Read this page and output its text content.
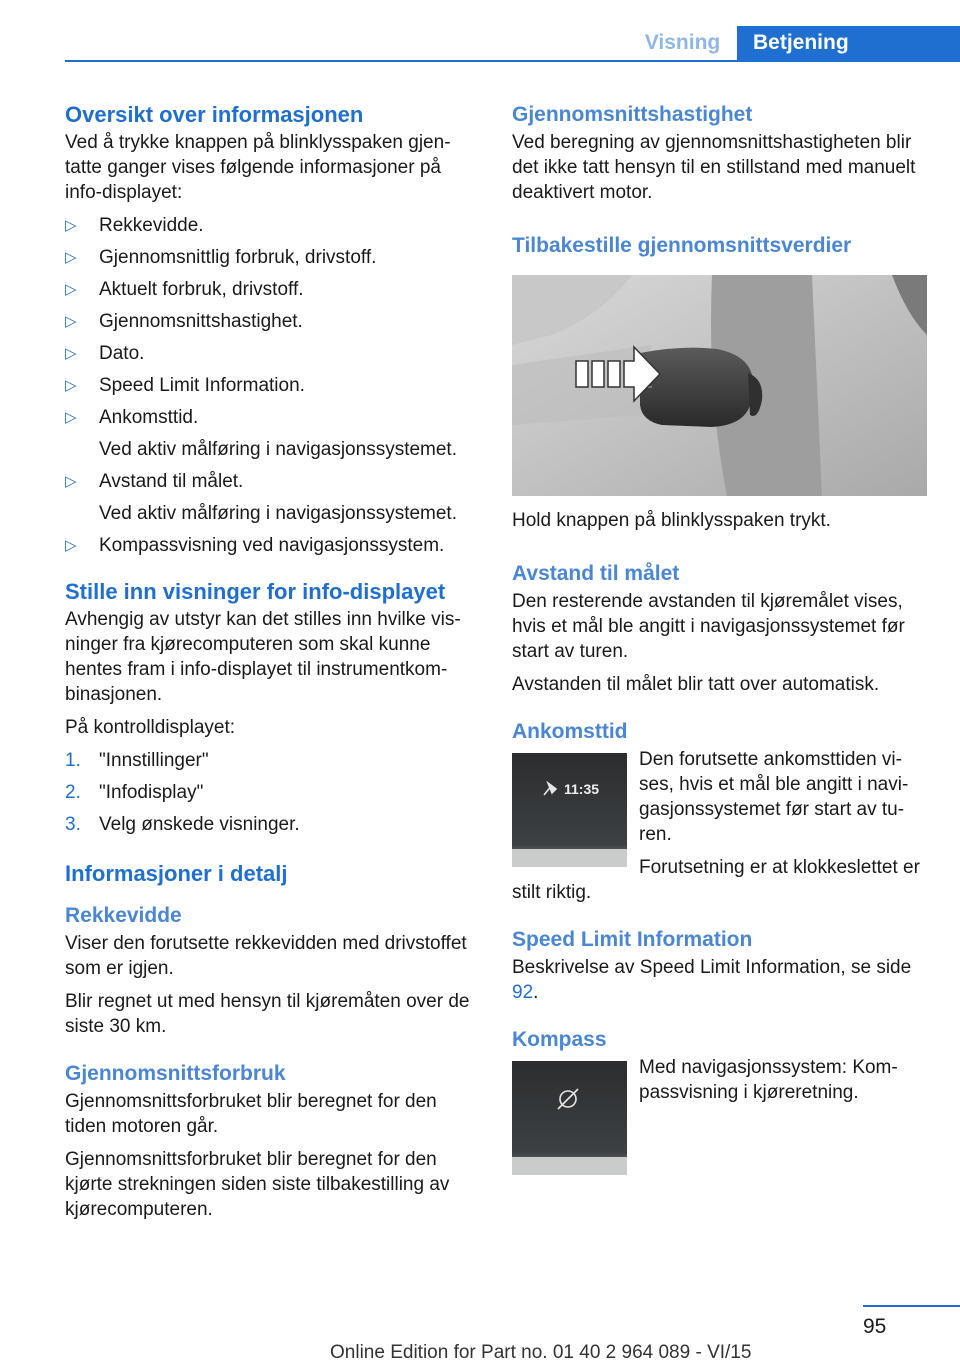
Visning	Betjening
Oversikt over informasjonen

Ved å trykke knappen på blinklysspaken gjentatte ganger vises følgende informasjoner på info-displayet:

▷ Rekkevidde.
▷ Gjennomsnittlig forbruk, drivstoff.
▷ Aktuelt forbruk, drivstoff.
▷ Gjennomsnittshastighet.
▷ Dato.
▷ Speed Limit Information.
▷ Ankomsttid.
Ved aktiv målføring i navigasjonssystemet.
▷ Avstand til målet.
Ved aktiv målføring i navigasjonssystemet.
▷ Kompassvisning ved navigasjonssystem.
Stille inn visninger for info-displayet

Avhengig av utstyr kan det stilles inn hvilke visninger fra kjørecomputeren som skal kunne hentes fram i info-displayet til instrumentkombinasjonen.

På kontrolldisplayet:

1. "Innstillinger"
2. "Infodisplay"
3. Velg ønskede visninger.
Informasjoner i detalj
Rekkevidde

Viser den forutsette rekkevidden med drivstoffet som er igjen.

Blir regnet ut med hensyn til kjøremåten over de siste 30 km.

Gjennomsnittsforbruk

Gjennomsnittsforbruket blir beregnet for den tiden motoren går.

Gjennomsnittsforbruket blir beregnet for den kjørte strekningen siden siste tilbakestilling av kjørecomputeren.

Gjennomsnittshastighet

Ved beregning av gjennomsnittshastigheten blir det ikke tatt hensyn til en stillstand med manuelt deaktivert motor.

Tilbakestille gjennomsnittsverdier

Hold knappen på blinklysspaken trykt.

Avstand til målet

Den resterende avstanden til kjøremålet vises, hvis et mål ble angitt i navigasjonssystemet før start av turen.

Avstanden til målet blir tatt over automatisk.

Ankomsttid
11:35

Den forutsette ankomsttiden vises, hvis et mål ble angitt i navigasjonssystemet før start av turen.

Forutsetning er at klokkeslettet er stilt riktig.

Speed Limit Information

Beskrivelse av Speed Limit Information, se side 92.

Kompass

Med navigasjonssystem: Kompassvisning i kjøreretning.

95
Online Edition for Part no. 01 40 2 964 089 - VI/15
